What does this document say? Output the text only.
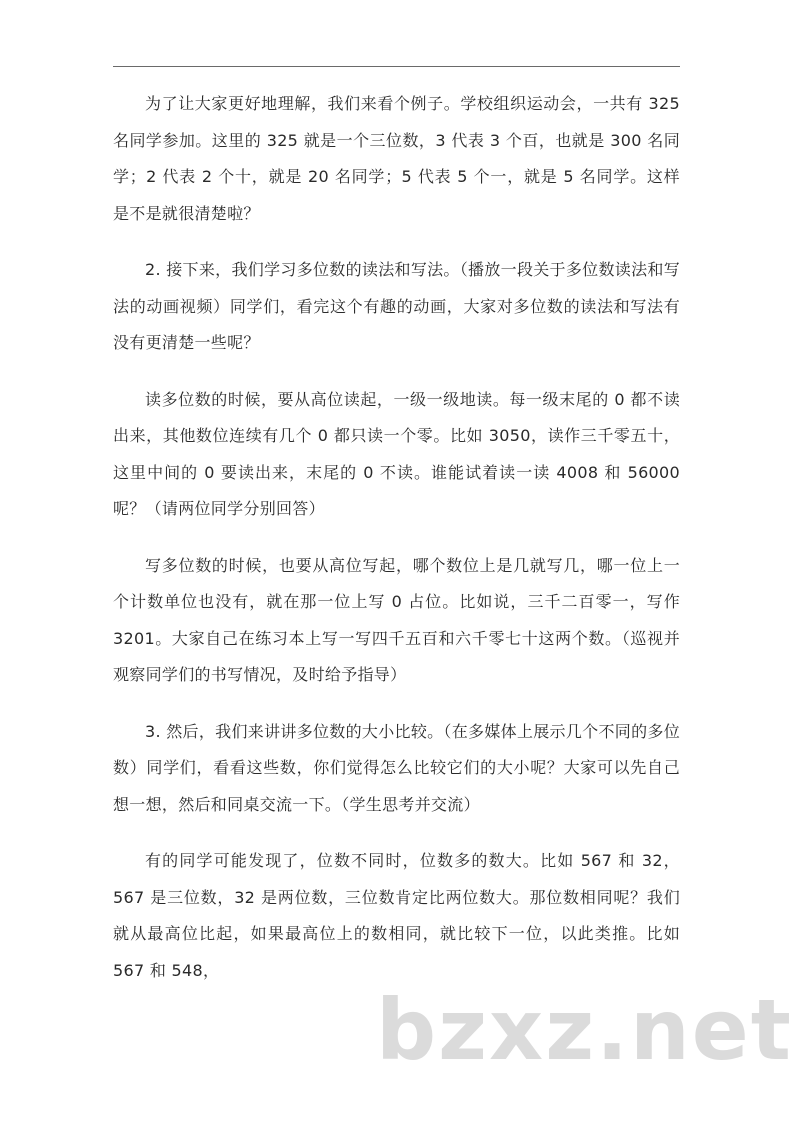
为了让大家更好地理解，我们来看个例子。学校组织运动会，一共有 325 名同学参加。这里的 325 就是一个三位数，3 代表 3 个百，也就是 300 名同学；2 代表 2 个十，就是 20 名同学；5 代表 5 个一，就是 5 名同学。这样是不是就很清楚啦？

2. 接下来，我们学习多位数的读法和写法。（播放一段关于多位数读法和写法的动画视频）同学们，看完这个有趣的动画，大家对多位数的读法和写法有没有更清楚一些呢？

读多位数的时候，要从高位读起，一级一级地读。每一级末尾的 0 都不读出来，其他数位连续有几个 0 都只读一个零。比如 3050，读作三千零五十，这里中间的 0 要读出来，末尾的 0 不读。谁能试着读一读 4008 和 56000 呢？（请两位同学分别回答）

写多位数的时候，也要从高位写起，哪个数位上是几就写几，哪一位上一个计数单位也没有，就在那一位上写 0 占位。比如说，三千二百零一，写作 3201。大家自己在练习本上写一写四千五百和六千零七十这两个数。（巡视并观察同学们的书写情况，及时给予指导）

3. 然后，我们来讲讲多位数的大小比较。（在多媒体上展示几个不同的多位数）同学们，看看这些数，你们觉得怎么比较它们的大小呢？大家可以先自己想一想，然后和同桌交流一下。（学生思考并交流）

有的同学可能发现了，位数不同时，位数多的数大。比如 567 和 32，567 是三位数，32 是两位数，三位数肯定比两位数大。那位数相同呢？我们就从最高位比起，如果最高位上的数相同，就比较下一位，以此类推。比如 567 和 548，

bzxz.net
